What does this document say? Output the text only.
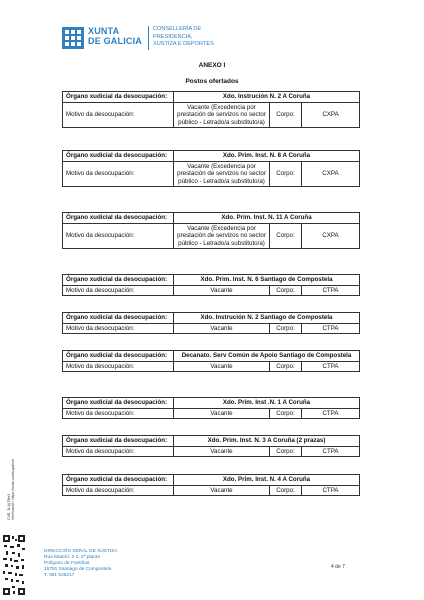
XUNTA
DE GALICIA
CONSELLERÍA DE
PRESIDENCIA,
XUSTIZA E DEPORTES
ANEXO I
Postos ofertados
Órgano xudicial da desocupación:	Xdo. Instrución N. 2 A Coruña		
Motivo da desocupación:	Vacante (Excedencia por prestación de servizos no sector público - Letrado/a substituto/a)	Corpo:	CXPA
Órgano xudicial da desocupación:	Xdo. Prim. Inst. N. 8 A Coruña		
Motivo da desocupación:	Vacante (Excedencia por prestación de servizos no sector público - Letrado/a substituto/a)	Corpo:	CXPA
Órgano xudicial da desocupación:	Xdo. Prim. Inst. N. 11 A Coruña		
Motivo da desocupación:	Vacante (Excedencia por prestación de servizos no sector público - Letrado/a substituto/a)	Corpo:	CXPA
Órgano xudicial da desocupación:	Xdo. Prim. Inst. N. 6 Santiago de Compostela		
Motivo da desocupación:	Vacante	Corpo:	CTPA
Órgano xudicial da desocupación:	Xdo. Instrución N. 2 Santiago de Compostela		
Motivo da desocupación:	Vacante	Corpo:	CTPA
Órgano xudicial da desocupación:	Decanato. Serv Común de Apoio Santiago de Compostela		
Motivo da desocupación:	Vacante	Corpo:	CTPA
Órgano xudicial da desocupación:	Xdo. Prim. Inst .N. 1 A Coruña		
Motivo da desocupación:	Vacante	Corpo:	CTPA
Órgano xudicial da desocupación:	Xdo. Prim. Inst. N. 3 A Coruña (2 prazas)		
Motivo da desocupación:	Vacante	Corpo:	CTPA
Órgano xudicial da desocupación:	Xdo. Prim. Inst. N. 4 A Coruña		
Motivo da desocupación:	Vacante	Corpo:	CTPA
DIRECCIÓN XERAL DE XUSTIZA
Rúa Madrid, 2-4, 2ª planta
Polígono de Fontiñas
15781 Santiago de Compostela
T. 981 546217
4 de 7
CVE: 3L1yT9le1 Verificación: https://sede.xunta.gal/cve
